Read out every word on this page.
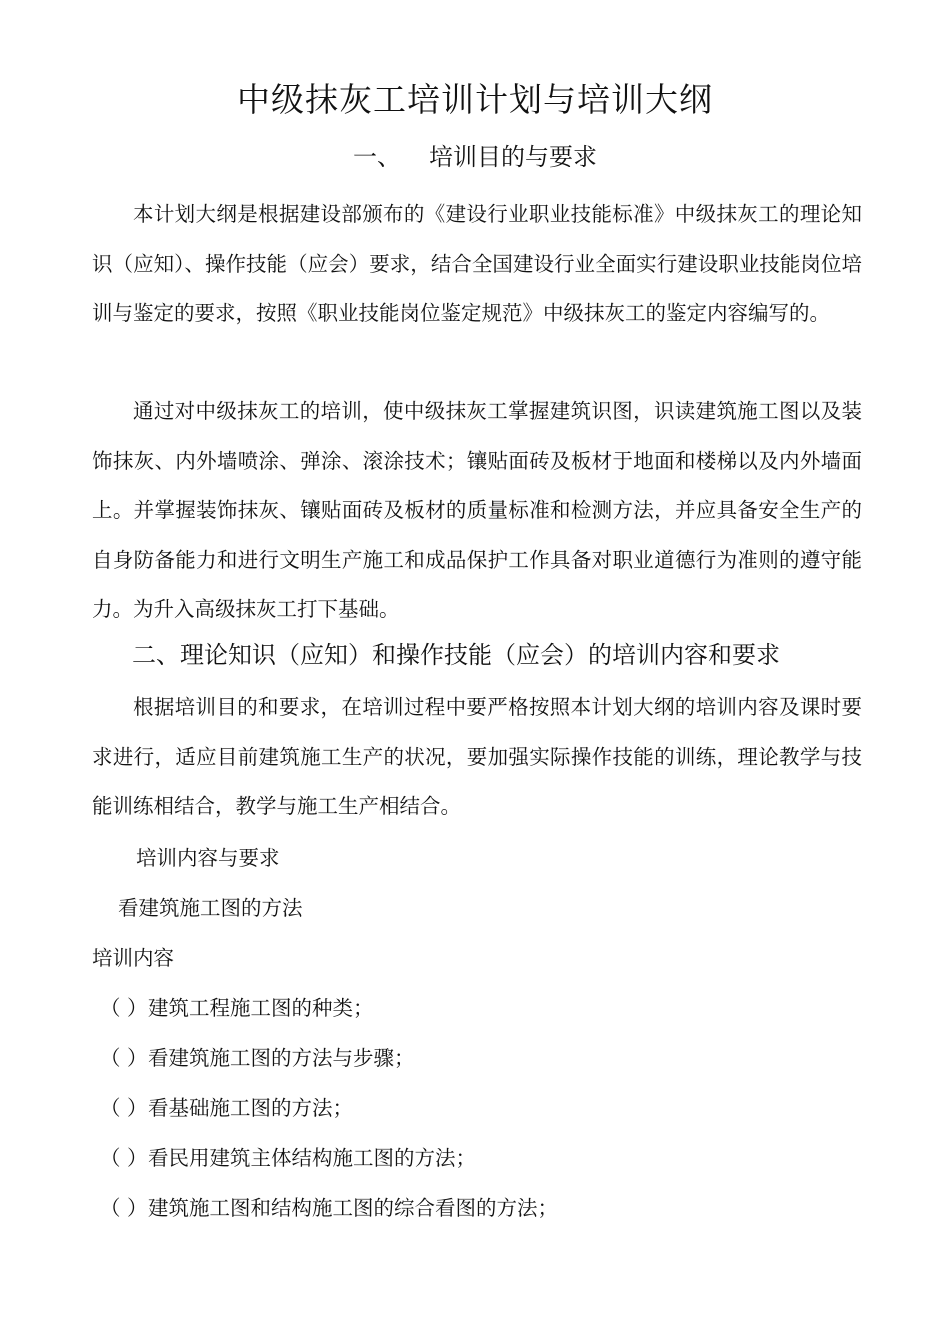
中级抹灰工培训计划与培训大纲
一、 培训目的与要求
本计划大纲是根据建设部颁布的《建设行业职业技能标准》中级抹灰工的理论知识（应知）、操作技能（应会）要求，结合全国建设行业全面实行建设职业技能岗位培训与鉴定的要求，按照《职业技能岗位鉴定规范》中级抹灰工的鉴定内容编写的。
通过对中级抹灰工的培训，使中级抹灰工掌握建筑识图，识读建筑施工图以及装饰抹灰、内外墙喷涂、弹涂、滚涂技术；镶贴面砖及板材于地面和楼梯以及内外墙面上。并掌握装饰抹灰、镶贴面砖及板材的质量标准和检测方法，并应具备安全生产的自身防备能力和进行文明生产施工和成品保护工作具备对职业道德行为准则的遵守能力。为升入高级抹灰工打下基础。
二、理论知识（应知）和操作技能（应会）的培训内容和要求
根据培训目的和要求，在培训过程中要严格按照本计划大纲的培训内容及课时要求进行，适应目前建筑施工生产的状况，要加强实际操作技能的训练，理论教学与技能训练相结合，教学与施工生产相结合。
培训内容与要求
看建筑施工图的方法
培训内容
（ ）建筑工程施工图的种类；
（ ）看建筑施工图的方法与步骤；
（ ）看基础施工图的方法；
（ ）看民用建筑主体结构施工图的方法；
（ ）建筑施工图和结构施工图的综合看图的方法；
